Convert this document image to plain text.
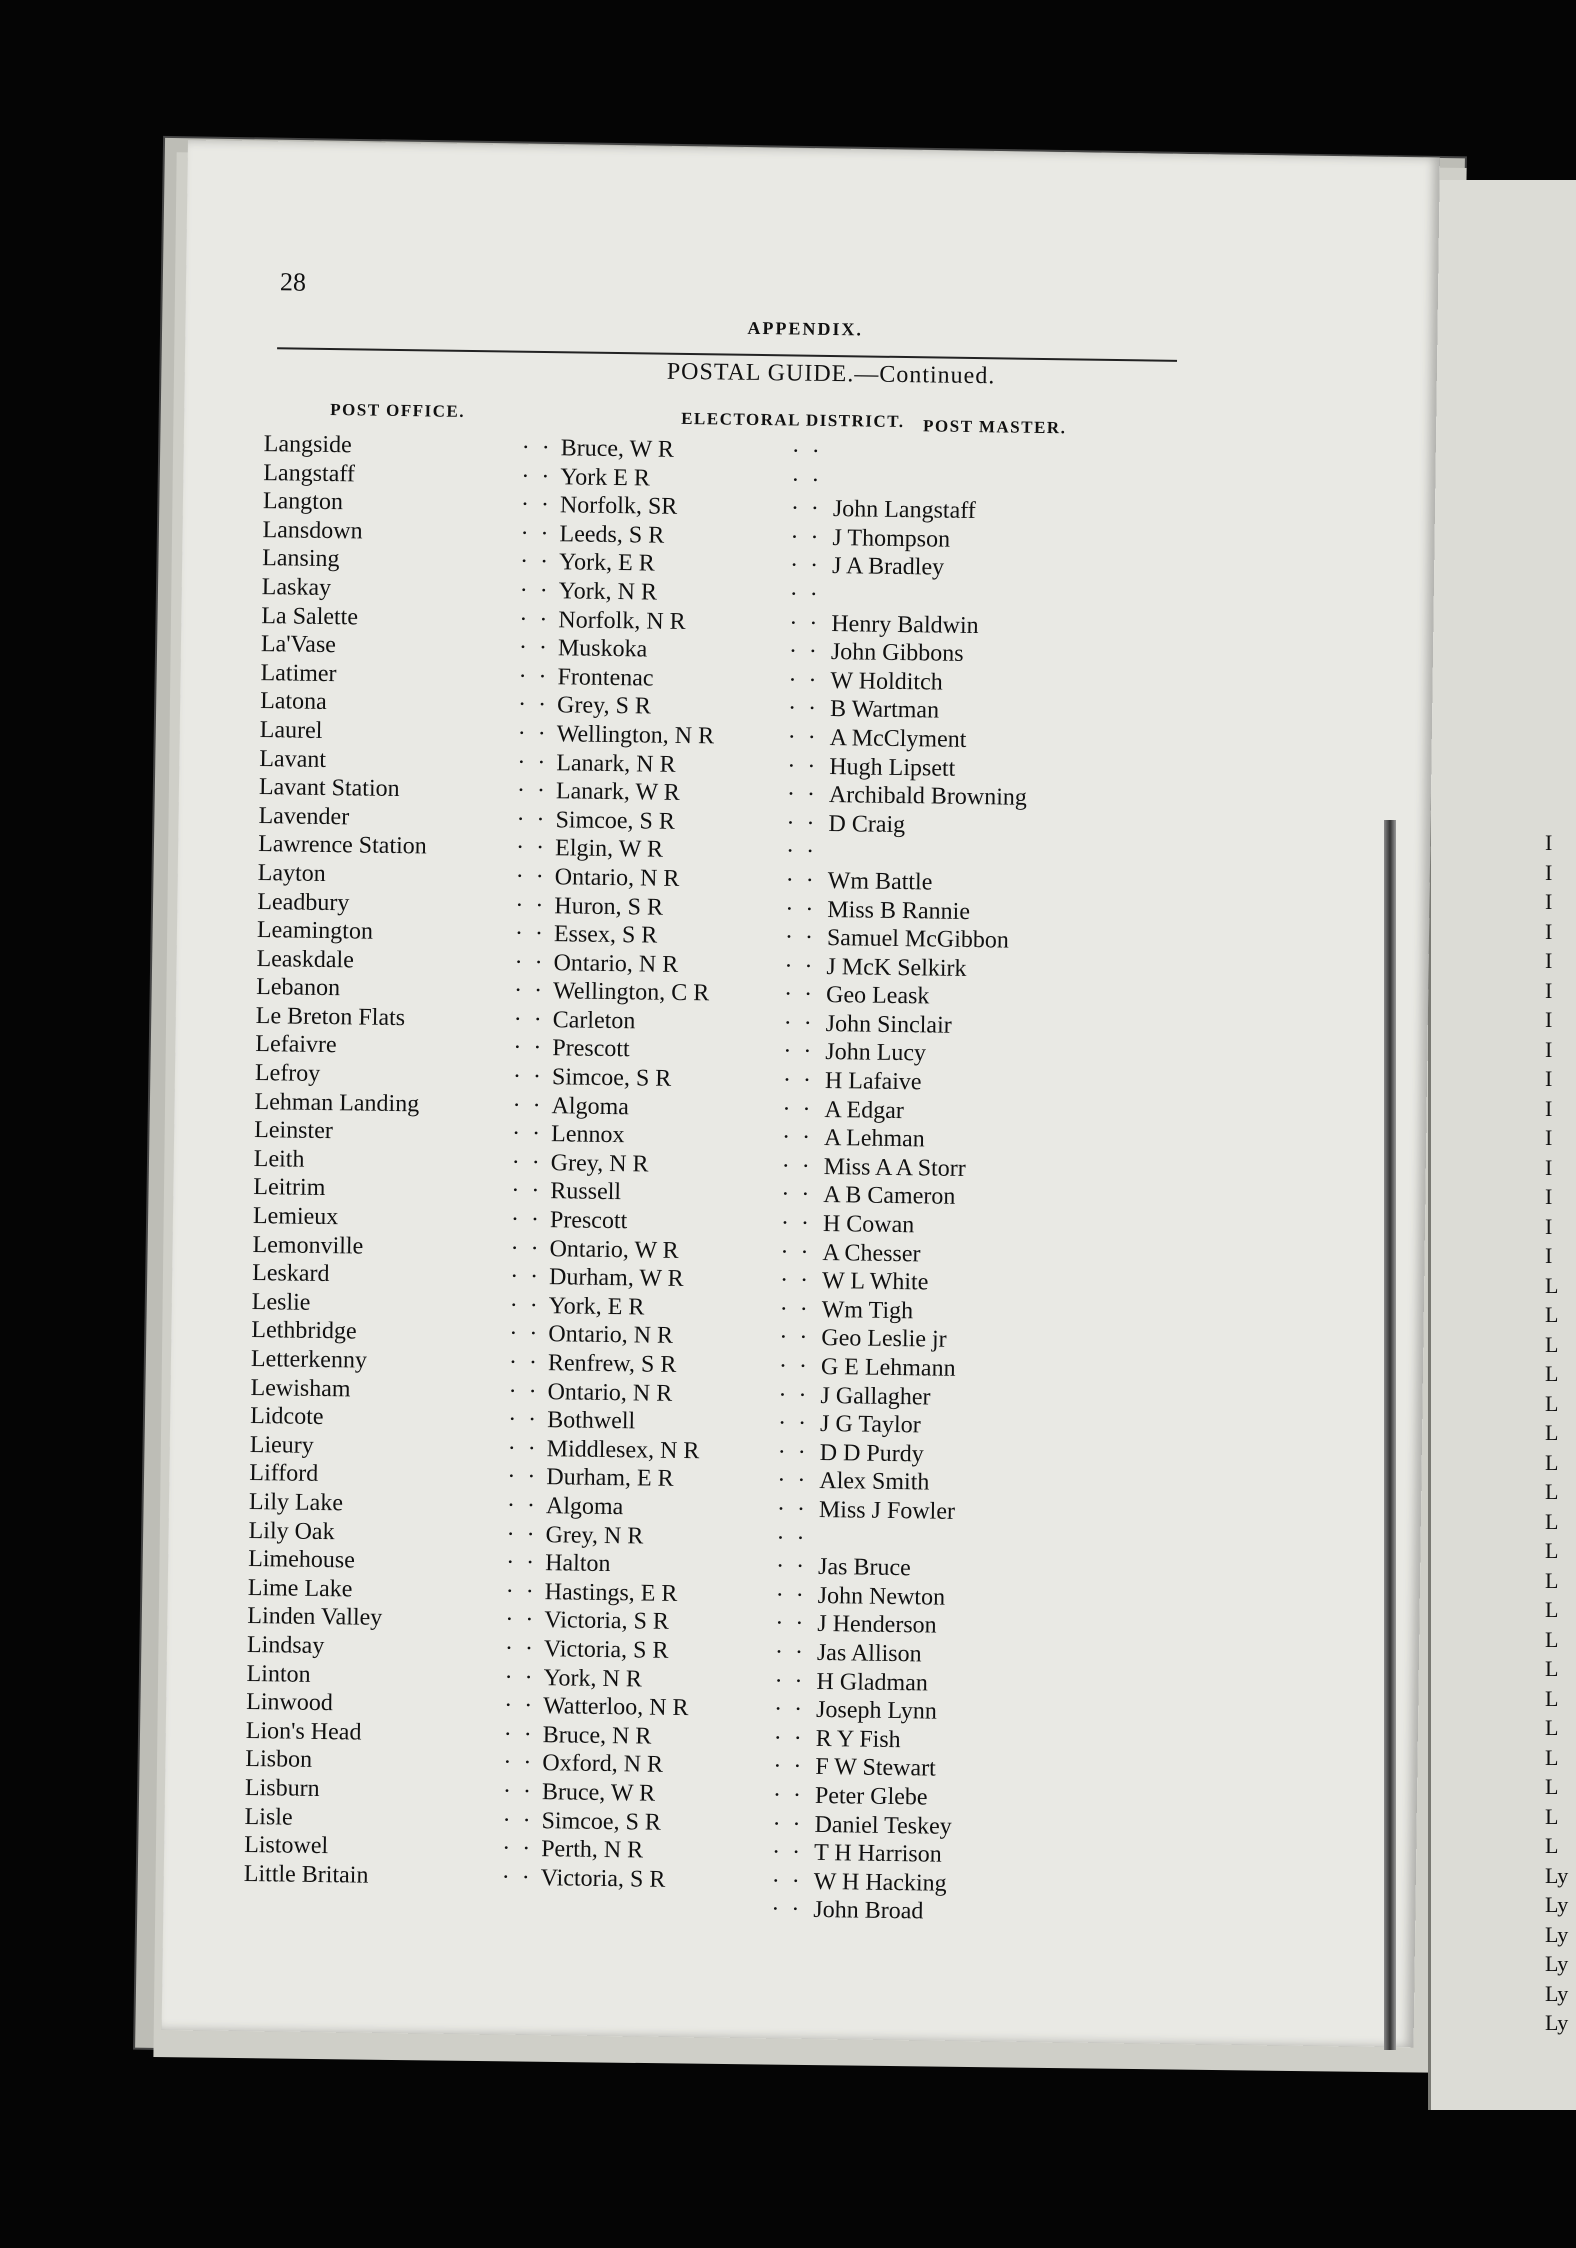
I
I
I
I
I
I
I
I
I
I
I
I
I
I
I
L
L
L
L
L
L
L
L
L
L
L
L
L
L
L
L
L
L
L
L
Ly
Ly
Ly
Ly
Ly
Ly
28
APPENDIX.
POSTAL GUIDE.—Continued.
POST OFFICE.	ELECTORAL DISTRICT. POST MASTER.
Langside	· · Bruce, W R	· ·
Langstaff	· · York E R	· ·
Langton	· · Norfolk, SR	· · John Langstaff
Lansdown	· · Leeds, S R	· · J Thompson
Lansing	· · York, E R	· · J A Bradley
Laskay	· · York, N R	· ·
La Salette	· · Norfolk, N R	· · Henry Baldwin
La'Vase	· · Muskoka	· · John Gibbons
Latimer	· · Frontenac	· · W Holditch
Latona	· · Grey, S R	· · B Wartman
Laurel	· · Wellington, N R	· · A McClyment
Lavant	· · Lanark, N R	· · Hugh Lipsett
Lavant Station	· · Lanark, W R	· · Archibald Browning
Lavender	· · Simcoe, S R	· · D Craig
Lawrence Station	· · Elgin, W R	· ·
Layton	· · Ontario, N R	· · Wm Battle
Leadbury	· · Huron, S R	· · Miss B Rannie
Leamington	· · Essex, S R	· · Samuel McGibbon
Leaskdale	· · Ontario, N R	· · J McK Selkirk
Lebanon	· · Wellington, C R	· · Geo Leask
Le Breton Flats	· · Carleton	· · John Sinclair
Lefaivre	· · Prescott	· · John Lucy
Lefroy	· · Simcoe, S R	· · H Lafaive
Lehman Landing	· · Algoma	· · A Edgar
Leinster	· · Lennox	· · A Lehman
Leith	· · Grey, N R	· · Miss A A Storr
Leitrim	· · Russell	· · A B Cameron
Lemieux	· · Prescott	· · H Cowan
Lemonville	· · Ontario, W R	· · A Chesser
Leskard	· · Durham, W R	· · W L White
Leslie	· · York, E R	· · Wm Tigh
Lethbridge	· · Ontario, N R	· · Geo Leslie jr
Letterkenny	· · Renfrew, S R	· · G E Lehmann
Lewisham	· · Ontario, N R	· · J Gallagher
Lidcote	· · Bothwell	· · J G Taylor
Lieury	· · Middlesex, N R	· · D D Purdy
Lifford	· · Durham, E R	· · Alex Smith
Lily Lake	· · Algoma	· · Miss J Fowler
Lily Oak	· · Grey, N R	· ·
Limehouse	· · Halton	· · Jas Bruce
Lime Lake	· · Hastings, E R	· · John Newton
Linden Valley	· · Victoria, S R	· · J Henderson
Lindsay	· · Victoria, S R	· · Jas Allison
Linton	· · York, N R	· · H Gladman
Linwood	· · Watterloo, N R	· · Joseph Lynn
Lion's Head	· · Bruce, N R	· · R Y Fish
Lisbon	· · Oxford, N R	· · F W Stewart
Lisburn	· · Bruce, W R	· · Peter Glebe
Lisle	· · Simcoe, S R	· · Daniel Teskey
Listowel	· · Perth, N R	· · T H Harrison
Little Britain	· · Victoria, S R	· · W H Hacking
· · John Broad
